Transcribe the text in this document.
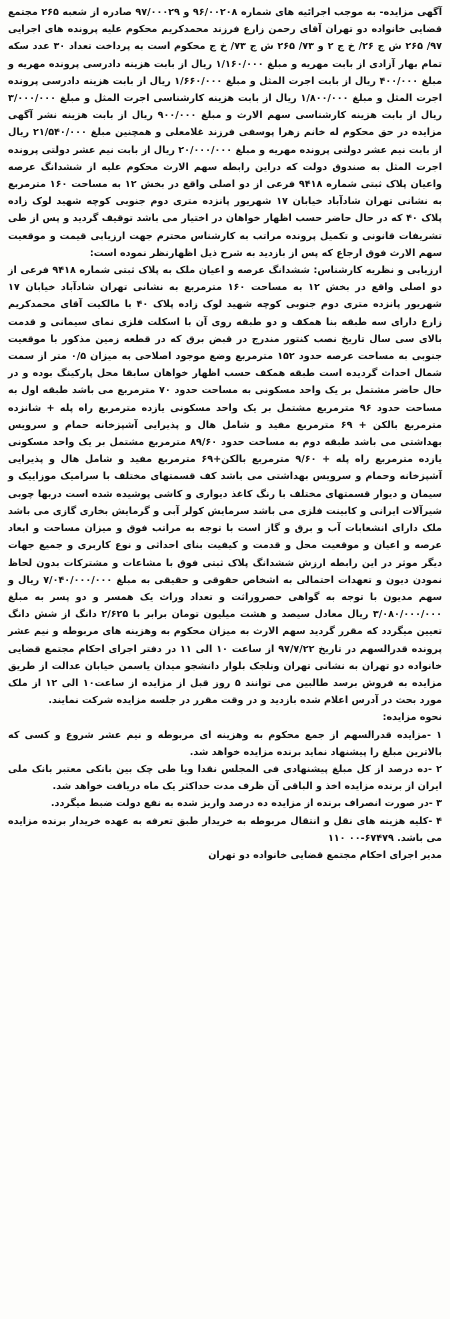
آگهی مزایده- به موجب اجرائیه های شماره ۹۶/۰۰۲۰۸ و ۹۷/۰۰۰۲۹ صادره از شعبه ۲۶۵ مجتمع قضایی خانواده دو تهران آقای رحمن زارع فرزند محمدکریم محکوم علیه پرونده های اجرایی ۹۷/ ۲۶۵ ش ج ۲۶/ خ ج ۲ و ۷۳/ ۲۶۵ ش ج ۷۳/ خ ج محکوم است به پرداخت تعداد ۳۰ عدد سکه تمام بهار آزادی از بابت مهریه و مبلغ ۱/۱۶۰/۰۰۰ ریال از بابت هزینه دادرسی پرونده مهریه و مبلغ ۴۰۰/۰۰۰ ریال از بابت اجرت المثل و مبلغ ۱/۶۶۰/۰۰۰ ریال از بابت هزینه دادرسی پرونده اجرت المثل و مبلغ ۱/۸۰۰/۰۰۰ ریال از بابت هزینه کارشناسی اجرت المثل و مبلغ ۳/۰۰۰/۰۰۰ ریال از بابت هزینه کارشناسی سهم الارث و مبلغ ۹۰۰/۰۰۰ ریال از بابت هزینه نشر آگهی مزایده در حق محکوم له خانم زهرا پوسفی فرزند غلامعلی و همچنین مبلغ ۲۱/۵۴۰/۰۰۰ ریال از بابت نیم عشر دولتی پرونده مهریه و مبلغ ۲۰/۰۰۰/۰۰۰ ریال از بابت نیم عشر دولتی پرونده اجرت المثل به صندوق دولت که دراین رابطه سهم الارث محکوم علیه از ششدانگ عرصه واعیان پلاک ثبتی شماره ۹۴۱۸ فرعی از دو اصلی واقع در بخش ۱۲ به مساحت ۱۶۰ مترمربع به نشانی تهران شادآباد خیابان ۱۷ شهریور پانزده متری دوم جنوبی کوچه شهید لوک زاده پلاک ۴۰ که در حال حاضر حسب اظهار خواهان در اختیار می باشد توقیف گردید و پس از طی تشریفات قانونی و تکمیل پرونده مراتب به کارشناس محترم جهت ارزیابی قیمت و موقعیت سهم الارث فوق ارجاع که پس از بازدید به شرح ذیل اظهارنظر نموده است:

ارزیابی و نظریه کارشناس: ششدانگ عرصه و اعیان ملک به پلاک ثبتی شماره ۹۴۱۸ فرعی از دو اصلی واقع در بخش ۱۲ به مساحت ۱۶۰ مترمربع به نشانی تهران شادآباد خیابان ۱۷ شهریور پانزده متری دوم جنوبی کوچه شهید لوک زاده پلاک ۴۰ با مالکیت آقای محمدکریم زارع دارای سه طبقه بنا همکف و دو طبقه روی آن با اسکلت فلزی نمای سیمانی و قدمت بالای سی سال تاریخ نصب کنتور مندرج در قبض برق که در قطعه زمین مذکور با موقعیت جنوبی به مساحت عرصه حدود ۱۵۲ مترمربع وضع موجود اصلاحی به میزان ۰/۵ متر از سمت شمال احداث گردیده است طبقه همکف حسب اظهار خواهان سابقا محل پارکینگ بوده و در حال حاضر مشتمل بر یک واحد مسکونی به مساحت حدود ۷۰ مترمربع می باشد طبقه اول به مساحت حدود ۹۶ مترمربع مشتمل بر یک واحد مسکونی یازده مترمربع راه پله + شانزده مترمربع بالکن + ۶۹ مترمربع مفید و شامل هال و پذیرایی آشپزخانه حمام و سرویس بهداشتی می باشد طبقه دوم به مساحت حدود ۸۹/۶۰ مترمربع مشتمل بر یک واحد مسکونی یازده مترمربع راه پله + ۹/۶۰ مترمربع بالکن+۶۹ مترمربع مفید و شامل هال و پذیرایی آشپزخانه وحمام و سرویس بهداشتی می باشد کف قسمتهای مختلف با سرامیک موزاییک و سیمان و دیوار قسمتهای مختلف با رنگ کاغذ دیواری و کاشی پوشیده شده است دربها چوبی شیرآلات ایرانی و کابینت فلزی می باشد سرمایش کولر آبی و گرمایش بخاری گازی می باشد ملک دارای انشعابات آب و برق و گاز است با توجه به مراتب فوق و میزان مساحت و ابعاد عرصه و اعیان و موقعیت محل و قدمت و کیفیت بنای احداثی و نوع کاربری و جمیع جهات دیگر موثر در این رابطه ارزش ششدانگ پلاک ثبتی فوق با مشاعات و مشترکات بدون لحاظ نمودن دیون و تعهدات احتمالی به اشخاص حقوقی و حقیقی به مبلغ ۷/۰۴۰/۰۰۰/۰۰۰ ریال و سهم مدیون با توجه به گواهی حصروراثت و تعداد وراث یک همسر و دو پسر به مبلغ ۳/۰۸۰/۰۰۰/۰۰۰ ریال معادل سیصد و هشت میلیون تومان برابر با ۲/۶۲۵ دانگ از شش دانگ تعیین میگردد که مقرر گردید سهم الارث به میزان محکوم به وهزینه های مربوطه و نیم عشر پرونده قدرالسهم در تاریخ ۹۷/۷/۲۲ از ساعت ۱۰ الی ۱۱ در دفتر اجرای احکام مجتمع قضایی خانواده دو تهران به نشانی تهران ونلجک بلوار دانشجو میدان یاسمن خیابان عدالت از طریق مزایده به فروش برسد طالبین می توانند ۵ روز قبل از مزایده از ساعت۱۰ الی ۱۲ از ملک مورد بحث در آدرس اعلام شده بازدید و در وقت مقرر در جلسه مزایده شرکت نمایند.

نحوه مزایده:

۱ -مزایده قدرالسهم از جمع محکوم به وهزینه ای مربوطه و نیم عشر شروع و کسی که بالاترین مبلغ را پیشنهاد نماید برنده مزایده خواهد شد.

۲ -ده درصد از کل مبلغ پیشنهادی فی المجلس نقدا ویا طی چک بین بانکی معتبر بانک ملی ایران از برنده مزایده اخذ و الباقی آن ظرف مدت حداکثر یک ماه دریافت خواهد شد.

۳ -در صورت انصراف برنده از مزایده ده درصد واریز شده به نفع دولت ضبط میگردد.

۴ -کلیه هزینه های نقل و انتقال مربوطه به خریدار طبق تعرفه به عهده خریدار برنده مزایده می باشد. ۶۷۴۷۹-۰۰ ۱۱۰

مدیر اجرای احکام مجتمع قضایی خانواده دو تهران
